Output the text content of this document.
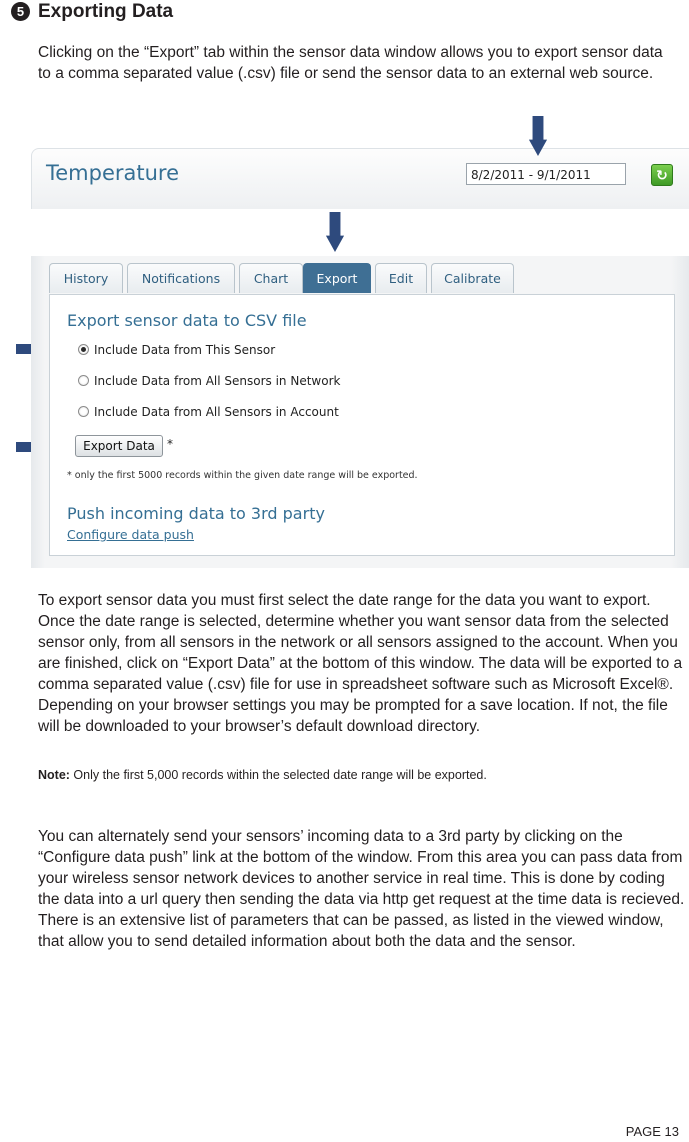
5 Exporting Data
Clicking on the “Export” tab within the sensor data window allows you to export sensor data to a comma separated value (.csv) file or send the sensor data to an external web source.
Temperature	8/2/2011 - 9/1/2011	↻
History	Notifications	Chart	Export	Edit	Calibrate
Export sensor data to CSV file
Include Data from This Sensor
Include Data from All Sensors in Network
Include Data from All Sensors in Account
Export Data	*
* only the first 5000 records within the given date range will be exported.
Push incoming data to 3rd party
Configure data push
To export sensor data you must first select the date range for the data you want to export. Once the date range is selected, determine whether you want sensor data from the selected sensor only, from all sensors in the network or all sensors assigned to the account. When you are finished, click on “Export Data” at the bottom of this window. The data will be exported to a comma separated value (.csv) file for use in spreadsheet software such as Microsoft Excel®. Depending on your browser settings you may be prompted for a save location. If not, the file will be downloaded to your browser’s default download directory.
Note: Only the first 5,000 records within the selected date range will be exported.
You can alternately send your sensors’ incoming data to a 3rd party by clicking on the “Configure data push” link at the bottom of the window. From this area you can pass data from your wireless sensor network devices to another service in real time. This is done by coding the data into a url query then sending the data via http get request at the time data is recieved. There is an extensive list of parameters that can be passed, as listed in the viewed window, that allow you to send detailed information about both the data and the sensor.
PAGE 13
